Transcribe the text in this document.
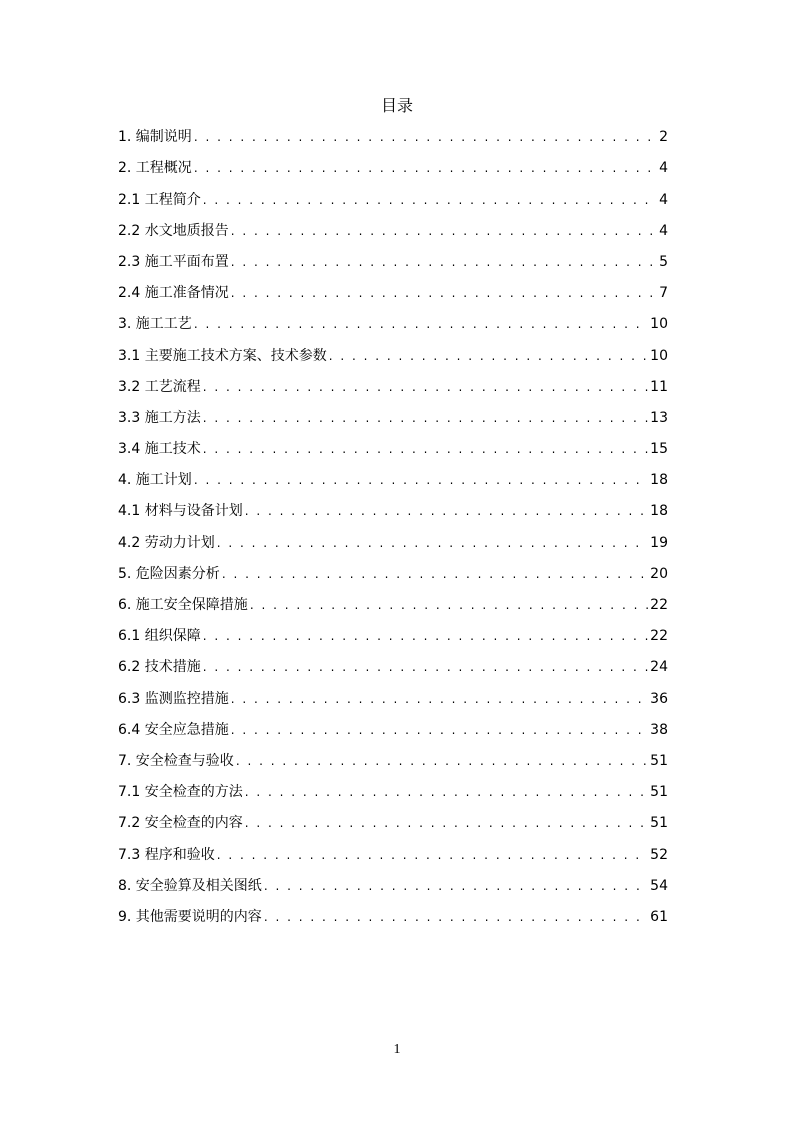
目录
1. 编制说明 . . .	2
2. 工程概况 . . .	4
2.1 工程简介 . . .	4
2.2 水文地质报告 . . .	4
2.3 施工平面布置 . . .	5
2.4 施工准备情况 . . .	7
3. 施工工艺 . . .	10
3.1 主要施工技术方案、技术参数 . . .	10
3.2 工艺流程 . . .	11
3.3 施工方法 . . .	13
3.4 施工技术 . . .	15
4. 施工计划 . . .	18
4.1 材料与设备计划 . . .	18
4.2 劳动力计划 . . .	19
5. 危险因素分析 . . .	20
6. 施工安全保障措施 . . .	22
6.1 组织保障 . . .	22
6.2 技术措施 . . .	24
6.3 监测监控措施 . . .	36
6.4 安全应急措施 . . .	38
7. 安全检查与验收 . . .	51
7.1 安全检查的方法 . . .	51
7.2 安全检查的内容 . . .	51
7.3 程序和验收 . . .	52
8. 安全验算及相关图纸 . . .	54
9. 其他需要说明的内容 . . .	61
1
